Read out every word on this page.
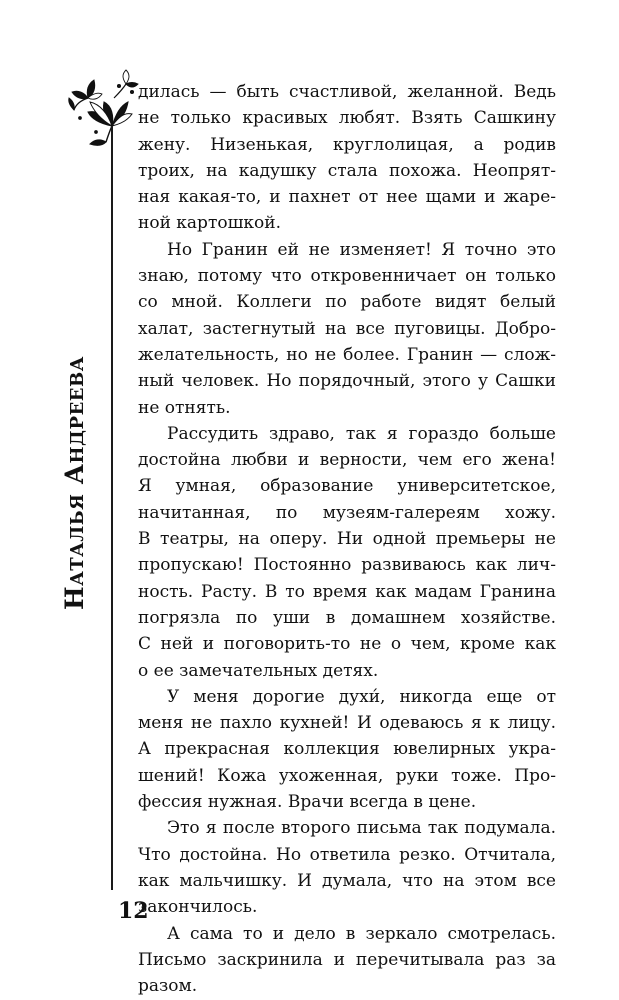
Наталья Андреева
дилась — быть счастливой, желанной. Ведь
не только красивых любят. Взять Сашкину
жену. Низенькая, круглолицая, а родив
троих, на кадушку стала похожа. Неопрят-
ная какая-то, и пахнет от нее щами и жаре-
ной картошкой.
Но Гранин ей не изменяет! Я точно это
знаю, потому что откровенничает он только
со мной. Коллеги по работе видят белый
халат, застегнутый на все пуговицы. Добро-
желательность, но не более. Гранин — слож-
ный человек. Но порядочный, этого у Сашки
не отнять.
Рассудить здраво, так я гораздо больше
достойна любви и верности, чем его жена!
Я умная, образование университетское,
начитанная, по музеям-галереям хожу.
В театры, на оперу. Ни одной премьеры не
пропускаю! Постоянно развиваюсь как лич-
ность. Расту. В то время как мадам Гранина
погрязла по уши в домашнем хозяйстве.
С ней и поговорить-то не о чем, кроме как
о ее замечательных детях.
У меня дорогие духи́, никогда еще от
меня не пахло кухней! И одеваюсь я к лицу.
А прекрасная коллекция ювелирных укра-
шений! Кожа ухоженная, руки тоже. Про-
фессия нужная. Врачи всегда в цене.
Это я после второго письма так подумала.
Что достойна. Но ответила резко. Отчитала,
как мальчишку. И думала, что на этом все
закончилось.
А сама то и дело в зеркало смотрелась.
Письмо заскринила и перечитывала раз за
разом.
12
